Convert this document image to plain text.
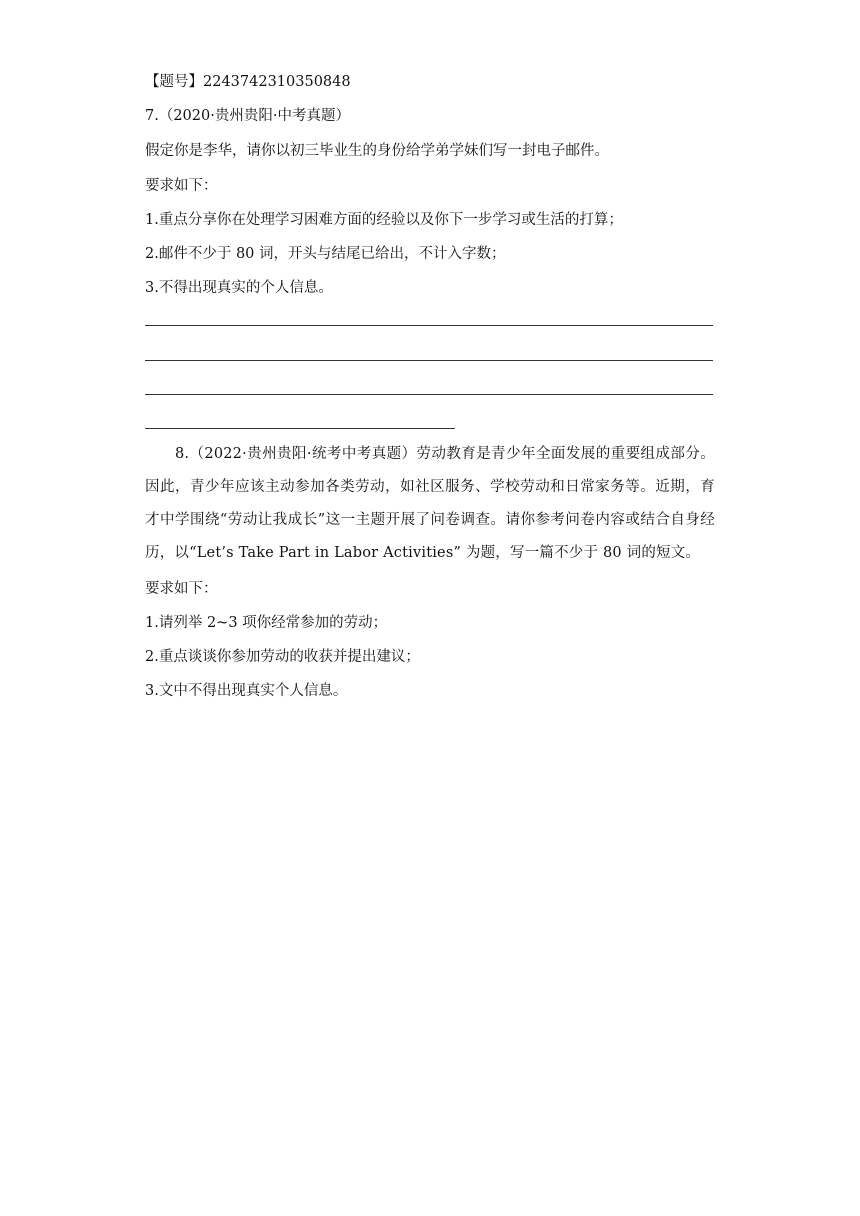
【题号】2243742310350848
7.（2020·贵州贵阳·中考真题）
假定你是李华，请你以初三毕业生的身份给学弟学妹们写一封电子邮件。
要求如下：
1.重点分享你在处理学习困难方面的经验以及你下一步学习或生活的打算；
2.邮件不少于 80 词，开头与结尾已给出，不计入字数；
3.不得出现真实的个人信息。
8.（2022·贵州贵阳·统考中考真题）劳动教育是青少年全面发展的重要组成部分。因此，青少年应该主动参加各类劳动，如社区服务、学校劳动和日常家务等。近期，育才中学围绕“劳动让我成长”这一主题开展了问卷调查。请你参考问卷内容或结合自身经历，以“Let’s Take Part in Labor Activities” 为题，写一篇不少于 80 词的短文。
要求如下：
1.请列举 2~3 项你经常参加的劳动；
2.重点谈谈你参加劳动的收获并提出建议；
3.文中不得出现真实个人信息。
